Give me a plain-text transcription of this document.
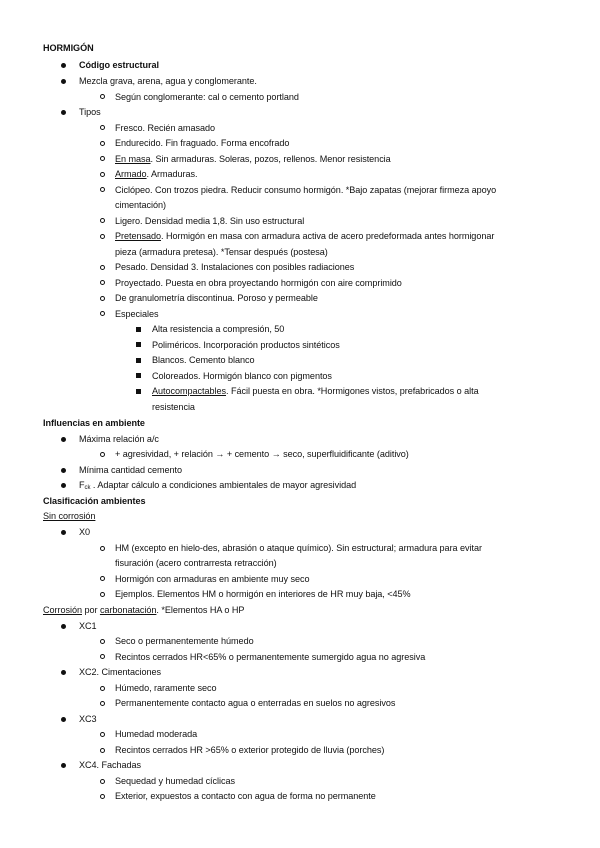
HORMIGÓN
Código estructural
Mezcla grava, arena, agua y conglomerante.
Según conglomerante: cal o cemento portland
Tipos
Fresco. Recién amasado
Endurecido. Fin fraguado. Forma encofrado
En masa. Sin armaduras. Soleras, pozos, rellenos. Menor resistencia
Armado. Armaduras.
Ciclópeo. Con trozos piedra. Reducir consumo hormigón. *Bajo zapatas (mejorar firmeza apoyo
cimentación)
Ligero. Densidad media 1,8. Sin uso estructural
Pretensado. Hormigón en masa con armadura activa de acero predeformada antes hormigonar
pieza (armadura pretesa). *Tensar después (postesa)
Pesado. Densidad 3. Instalaciones con posibles radiaciones
Proyectado. Puesta en obra proyectando hormigón con aire comprimido
De granulometría discontinua. Poroso y permeable
Especiales
Alta resistencia a compresión, 50
Poliméricos. Incorporación productos sintéticos
Blancos. Cemento blanco
Coloreados. Hormigón blanco con pigmentos
Autocompactables. Fácil puesta en obra. *Hormigones vistos, prefabricados o alta
resistencia
Influencias en ambiente
Máxima relación a/c
+ agresividad, + relación → + cemento → seco, superfluidificante (aditivo)
Mínima cantidad cemento
$F_{ck}$ . Adaptar cálculo a condiciones ambientales de mayor agresividad
Clasificación ambientes
Sin corrosión
X0
HM (excepto en hielo-des, abrasión o ataque químico). Sin estructural; armadura para evitar
fisuración (acero contrarresta retracción)
Hormigón con armaduras en ambiente muy seco
Ejemplos. Elementos HM o hormigón en interiores de HR muy baja, <45%
Corrosión por carbonatación. *Elementos HA o HP
XC1
Seco o permanentemente húmedo
Recintos cerrados HR<65% o permanentemente sumergido agua no agresiva
XC2. Cimentaciones
Húmedo, raramente seco
Permanentemente contacto agua o enterradas en suelos no agresivos
XC3
Humedad moderada
Recintos cerrados HR >65% o exterior protegido de lluvia (porches)
XC4. Fachadas
Sequedad y humedad cíclicas
Exterior, expuestos a contacto con agua de forma no permanente
